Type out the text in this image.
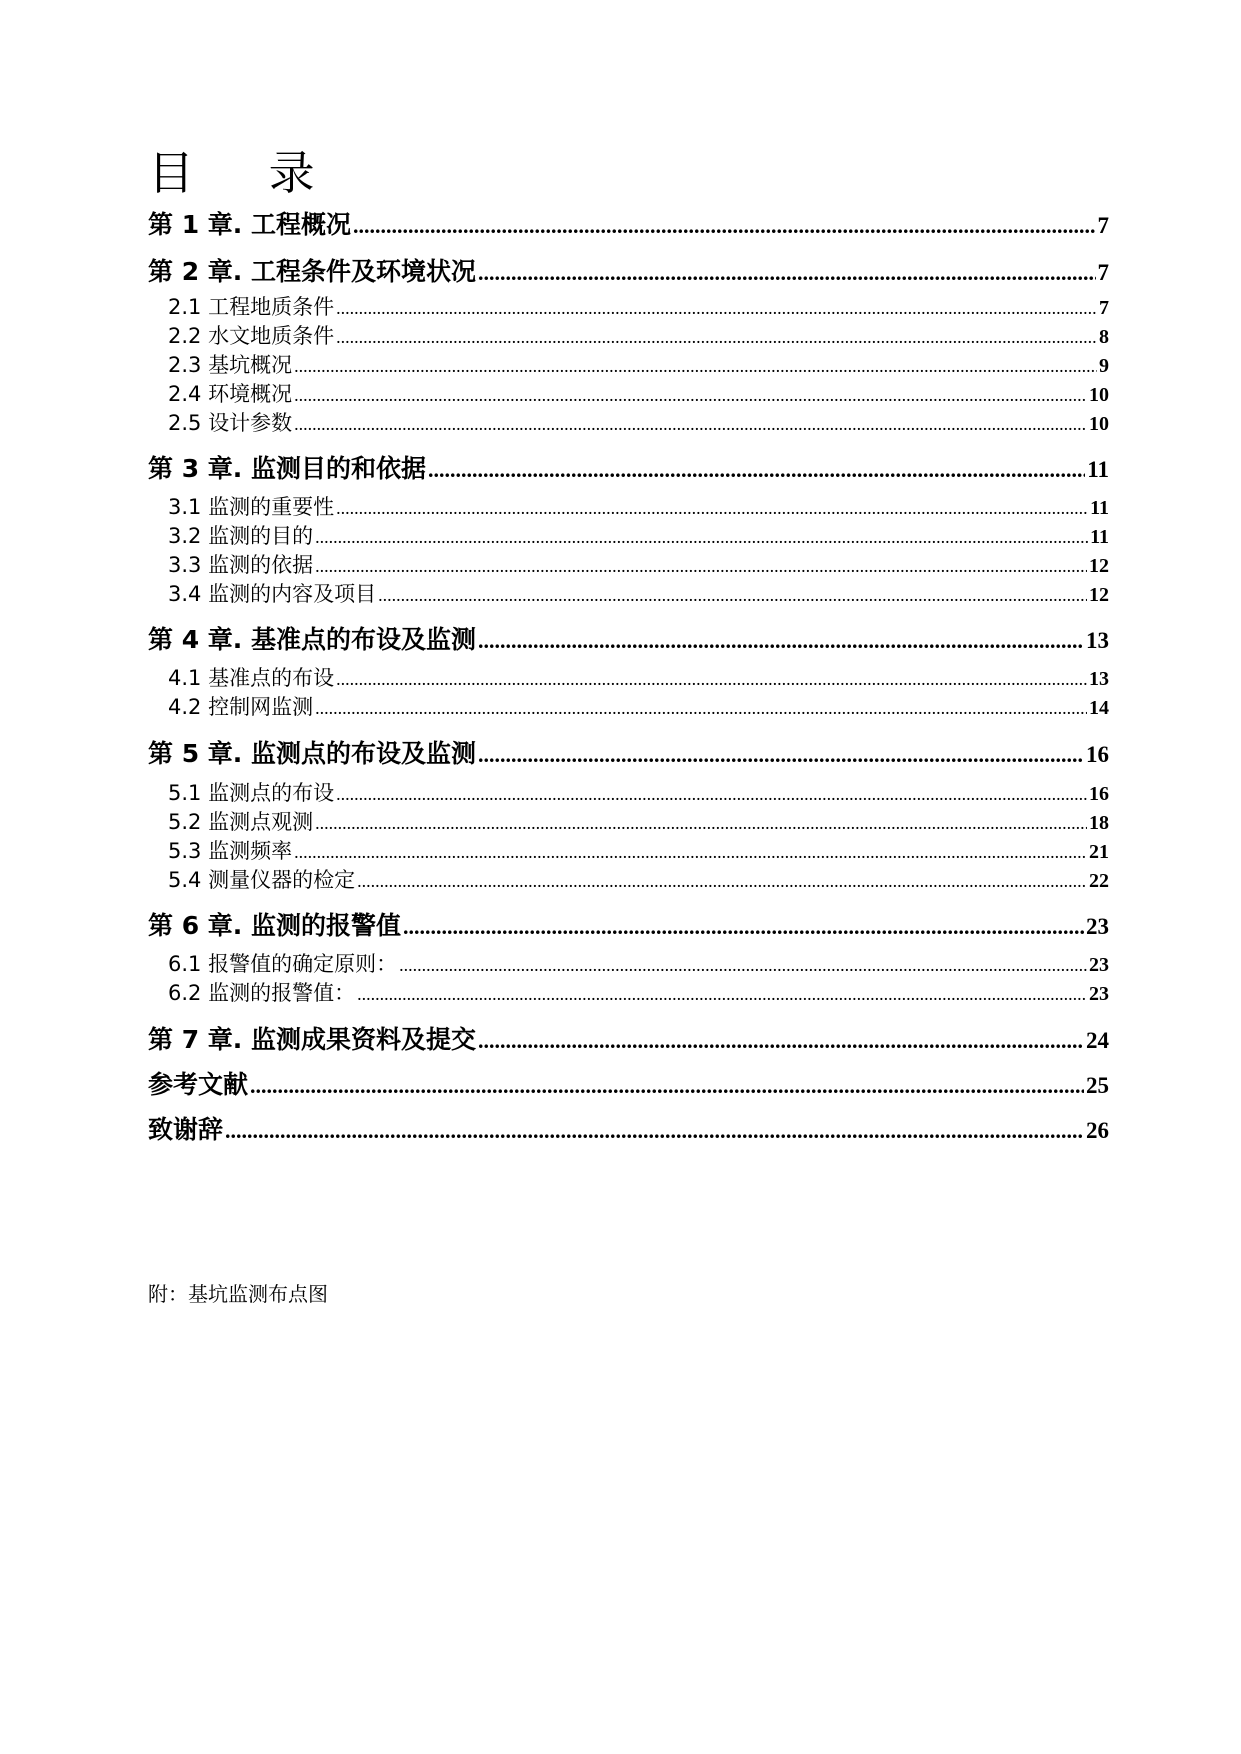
目 录
第 1 章. 工程概况 .....	7
第 2 章. 工程条件及环境状况 .....	7
2.1 工程地质条件 .....	7
2.2 水文地质条件 .....	8
2.3 基坑概况 .....	9
2.4 环境概况 .....	10
2.5 设计参数 .....	10
第 3 章. 监测目的和依据 .....	11
3.1 监测的重要性 .....	11
3.2 监测的目的 .....	11
3.3 监测的依据 .....	12
3.4 监测的内容及项目 .....	12
第 4 章. 基准点的布设及监测 .....	13
4.1 基准点的布设 .....	13
4.2 控制网监测 .....	14
第 5 章. 监测点的布设及监测 .....	16
5.1 监测点的布设 .....	16
5.2 监测点观测 .....	18
5.3 监测频率 .....	21
5.4 测量仪器的检定 .....	22
第 6 章. 监测的报警值 .....	23
6.1 报警值的确定原则： .....	23
6.2 监测的报警值： .....	23
第 7 章. 监测成果资料及提交 .....	24
参考文献 .....	25
致谢辞 .....	26
附：基坑监测布点图
